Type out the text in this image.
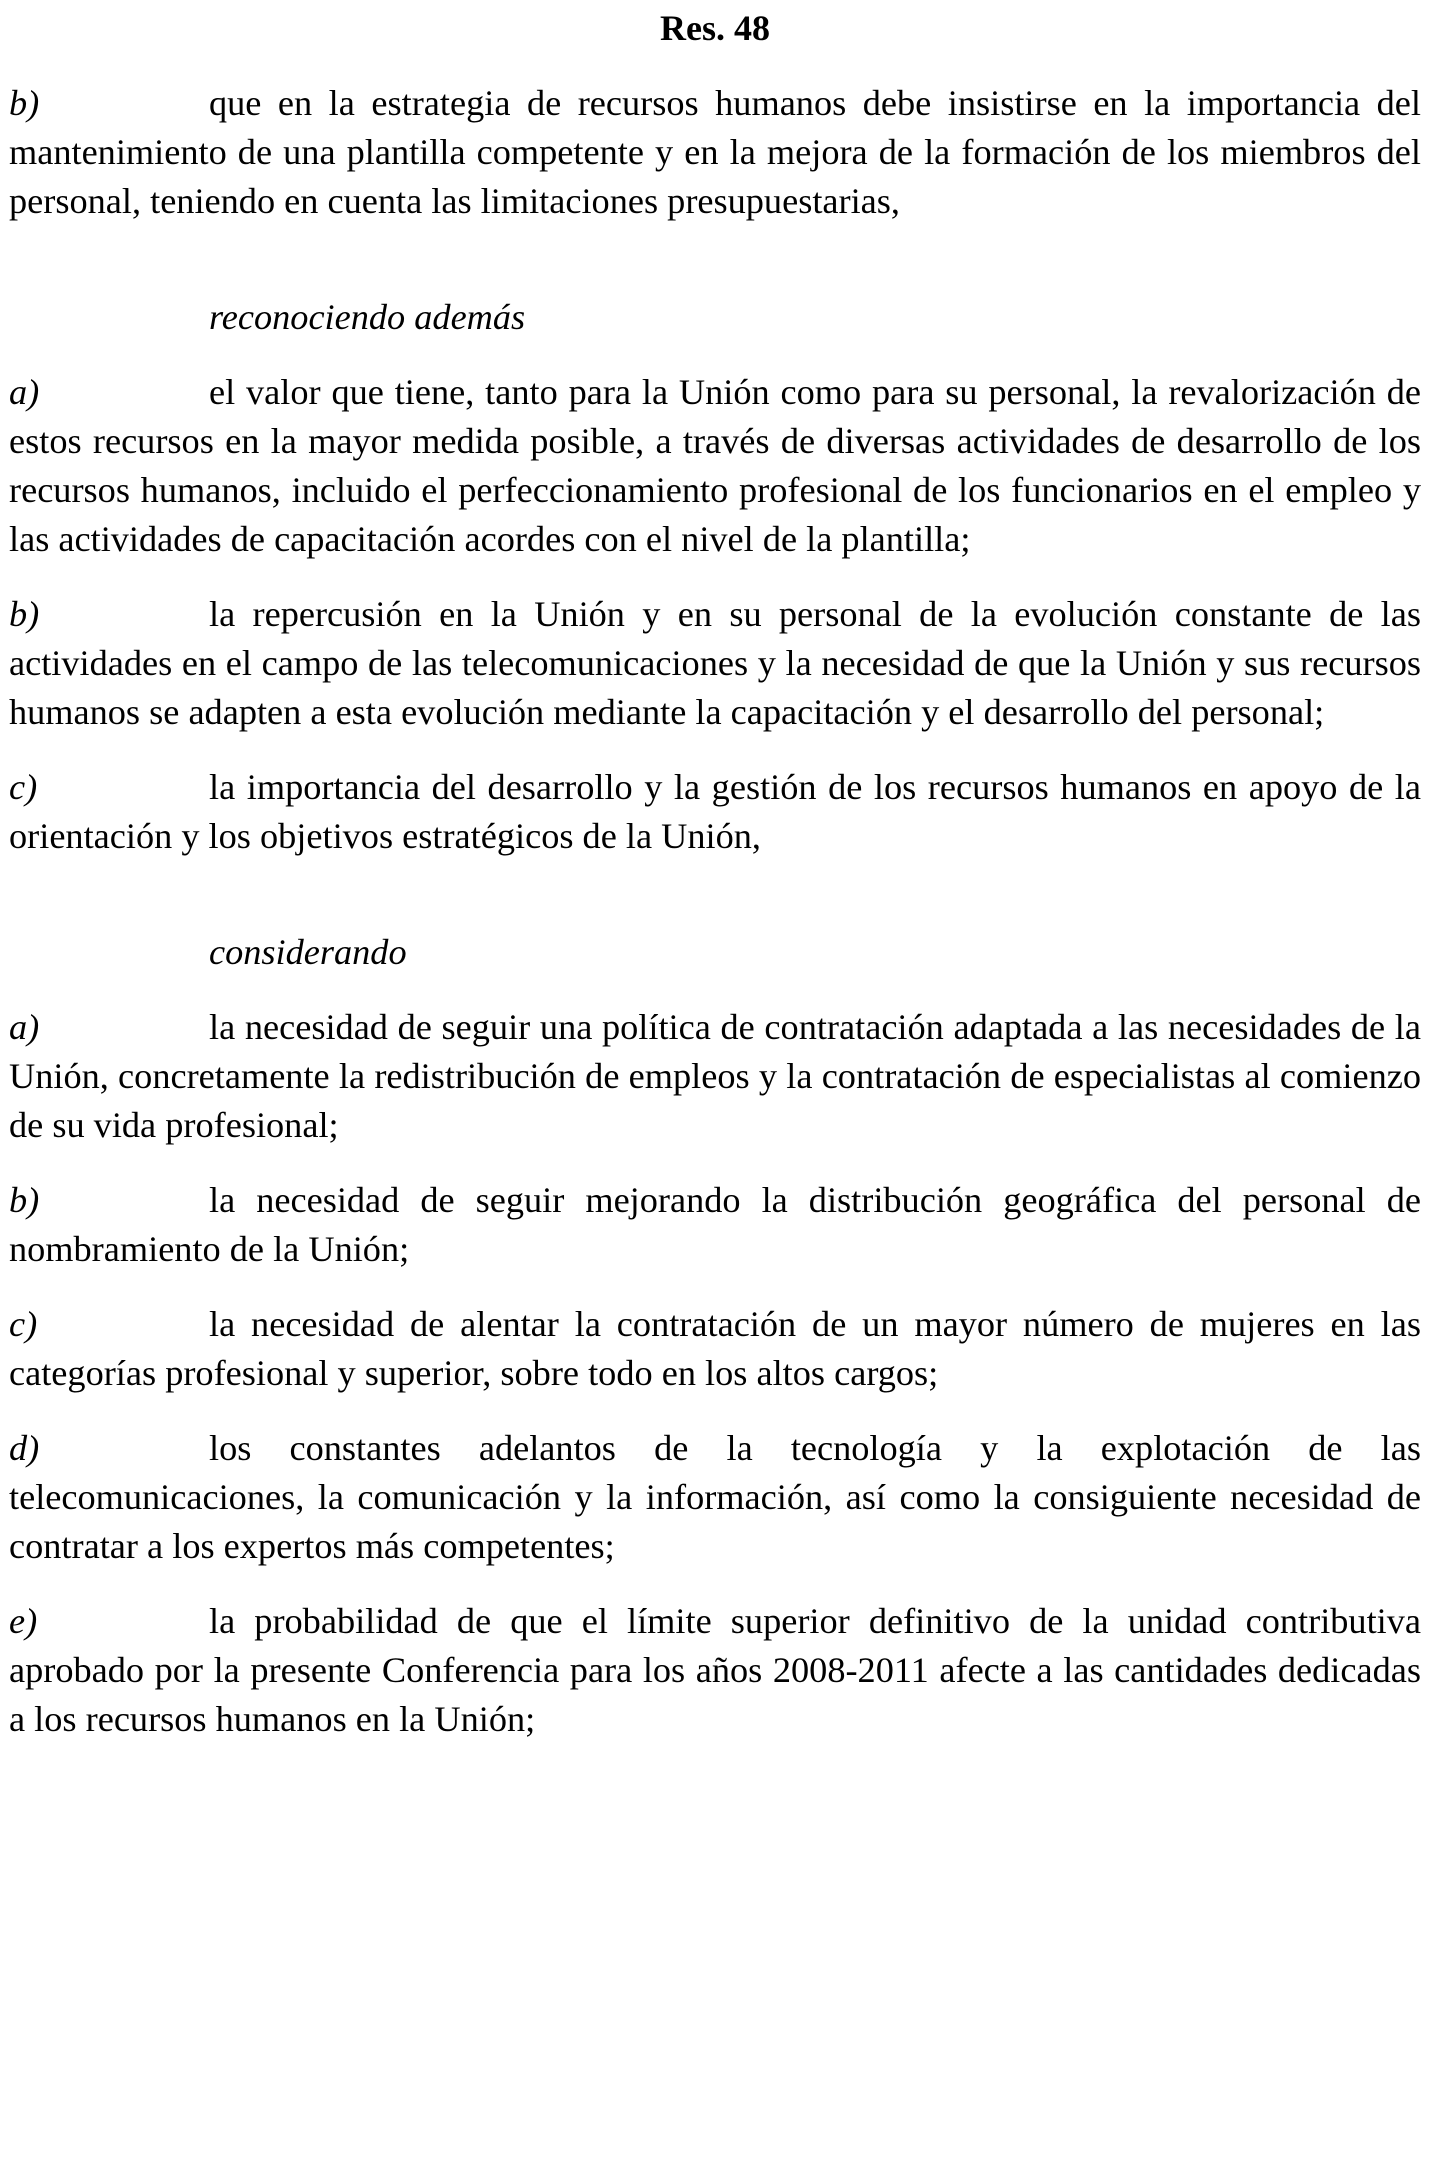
Res. 48

b)	que en la estrategia de recursos humanos debe insistirse en la importancia del mantenimiento de una plantilla competente y en la mejora de la formación de los miembros del personal, teniendo en cuenta las limitaciones presupuestarias,

reconociendo además

a)	el valor que tiene, tanto para la Unión como para su personal, la revalorización de estos recursos en la mayor medida posible, a través de diversas actividades de desarrollo de los recursos humanos, incluido el perfeccionamiento profesional de los funcionarios en el empleo y las actividades de capacitación acordes con el nivel de la plantilla;

b)	la repercusión en la Unión y en su personal de la evolución constante de las actividades en el campo de las telecomunicaciones y la necesidad de que la Unión y sus recursos humanos se adapten a esta evolución mediante la capacitación y el desarrollo del personal;

c)	la importancia del desarrollo y la gestión de los recursos humanos en apoyo de la orientación y los objetivos estratégicos de la Unión,

considerando

a)	la necesidad de seguir una política de contratación adaptada a las necesidades de la Unión, concretamente la redistribución de empleos y la contratación de especialistas al comienzo de su vida profesional;

b)	la necesidad de seguir mejorando la distribución geográfica del personal de nombramiento de la Unión;

c)	la necesidad de alentar la contratación de un mayor número de mujeres en las categorías profesional y superior, sobre todo en los altos cargos;

d)	los constantes adelantos de la tecnología y la explotación de las telecomunicaciones, la comunicación y la información, así como la consiguiente necesidad de contratar a los expertos más competentes;

e)	la probabilidad de que el límite superior definitivo de la unidad contributiva aprobado por la presente Conferencia para los años 2008-2011 afecte a las cantidades dedicadas a los recursos humanos en la Unión;
